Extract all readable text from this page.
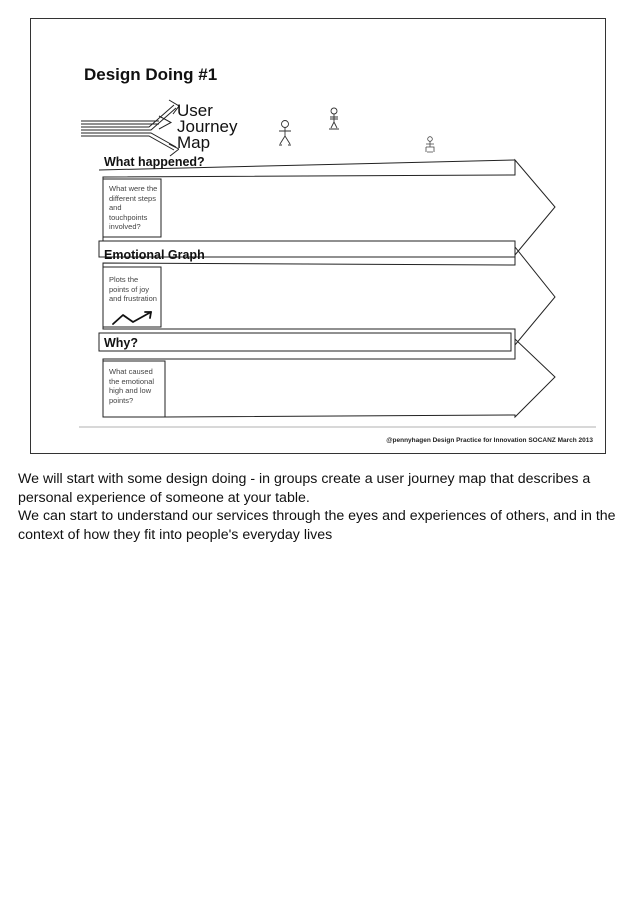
Design Doing #1
User
Journey
Map
What happened?
What were the different steps and touchpoints involved?
Emotional Graph
Plots the points of joy and frustration
Why?
What caused the emotional high and low points?
@pennyhagen Design Practice for Innovation SOCANZ March 2013

We will start with some design doing - in groups create a user journey map that describes a personal experience of someone at your table.

We can start to understand our services through the eyes and experiences of others, and in the context of how they fit into people's everyday lives
